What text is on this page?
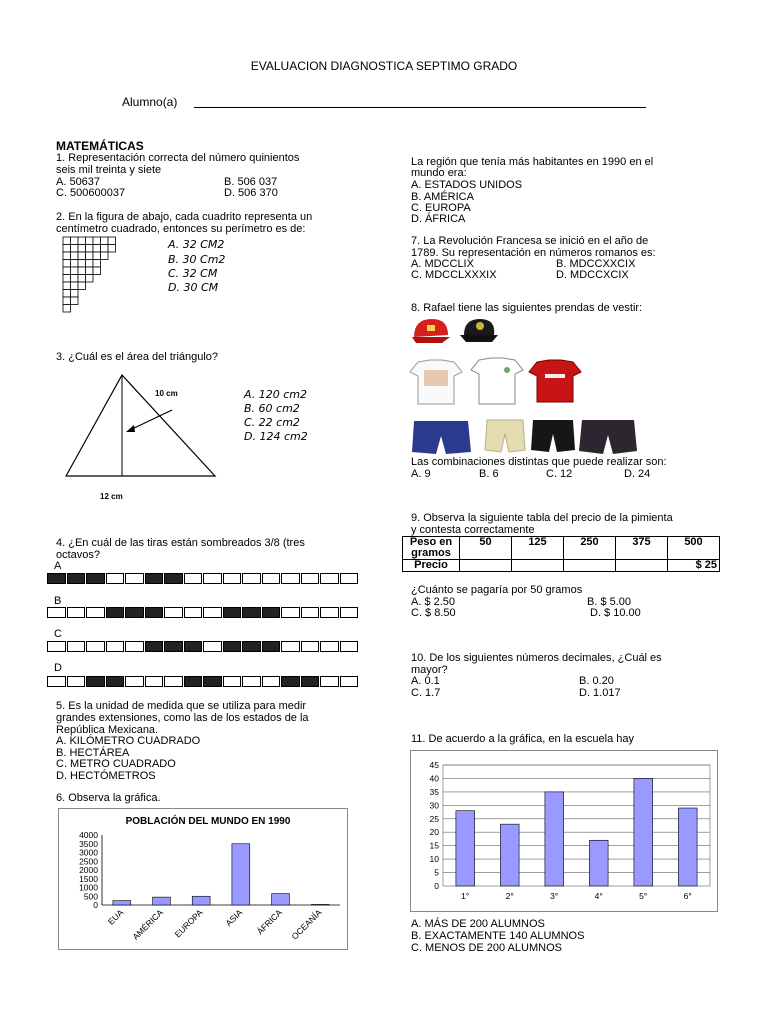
EVALUACION DIAGNOSTICA SEPTIMO GRADO
Alumno(a)
MATEMÁTICAS
1. Representación correcta del número quinientos
seis mil treinta y siete
A. 50637	B. 506 037
C. 500600037	D. 506 370
2. En la figura de abajo, cada cuadrito representa un
centímetro cuadrado, entonces su perímetro es de:
A. 32 CM2
B. 30 Cm2
C. 32 CM
D. 30 CM
3. ¿Cuál es el área del triángulo?
10 cm
12 cm
A. 120 cm2
B. 60 cm2
C. 22 cm2
D. 124 cm2
4. ¿En cuál de las tiras están sombreados 3/8 (tres
octavos?
A
B
C
D
5. Es la unidad de medida que se utiliza para medir
grandes extensiones, como las de los estados de la
República Mexicana.
A. KILÓMETRO CUADRADO
B. HECTÁREA
C. METRO CUADRADO
D. HECTÓMETROS
6. Observa la gráfica.
POBLACIÓN DEL MUNDO EN 1990
0
500
1000
1500
2000
2500
3000
3500
4000
EUA AMÉRICA EUROPA ASIA ÁFRICA OCEANÍA
La región que tenía más habitantes en 1990 en el
mundo era:
A. ESTADOS UNIDOS
B. AMÉRICA
C. EUROPA
D. ÁFRICA
7. La Revolución Francesa se inició en el año de
1789. Su representación en números romanos es:
A. MDCCLIX	B. MDCCXXCIX
C. MDCCLXXXIX	D. MDCCXCIX
8. Rafael tiene las siguientes prendas de vestir:
Las combinaciones distintas que puede realizar son:
A. 9	B. 6	C. 12	D. 24
9. Observa la siguiente tabla del precio de la pimienta
y contesta correctamente
Peso en gramos	50	125	250	375	500
Precio					$ 25
¿Cuánto se pagaría por 50 gramos
A. $ 2.50	B. $ 5.00
C. $ 8.50	D. $ 10.00
10. De los siguientes números decimales, ¿Cuál es
mayor?
A. 0.1	B. 0.20
C. 1.7	D. 1.017
11. De acuerdo a la gráfica, en la escuela hay
0
5
10
15
20
25
30
35
40
45
1°	2°	3°	4°	5°	6°
A. MÁS DE 200 ALUMNOS
B. EXACTAMENTE 140 ALUMNOS
C. MENOS DE 200 ALUMNOS
